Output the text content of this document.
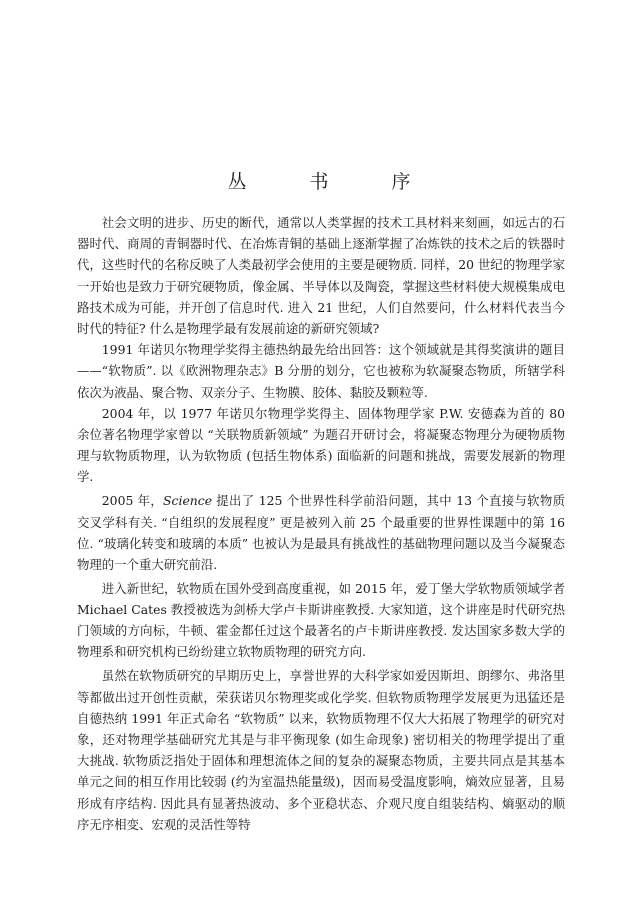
丛　书　序

社会文明的进步、历史的断代，通常以人类掌握的技术工具材料来刻画，如远古的石器时代、商周的青铜器时代、在冶炼青铜的基础上逐渐掌握了冶炼铁的技术之后的铁器时代，这些时代的名称反映了人类最初学会使用的主要是硬物质. 同样，20 世纪的物理学家一开始也是致力于研究硬物质，像金属、半导体以及陶瓷，掌握这些材料使大规模集成电路技术成为可能，并开创了信息时代. 进入 21 世纪，人们自然要问，什么材料代表当今时代的特征? 什么是物理学最有发展前途的新研究领域?

1991 年诺贝尔物理学奖得主德热纳最先给出回答：这个领域就是其得奖演讲的题目 ——“软物质”. 以《欧洲物理杂志》B 分册的划分，它也被称为软凝聚态物质，所辖学科依次为液晶、聚合物、双亲分子、生物膜、胶体、黏胶及颗粒等.

2004 年，以 1977 年诺贝尔物理学奖得主、固体物理学家 P.W. 安德森为首的 80 余位著名物理学家曾以 “关联物质新领域” 为题召开研讨会，将凝聚态物理分为硬物质物理与软物质物理，认为软物质 (包括生物体系) 面临新的问题和挑战，需要发展新的物理学.

2005 年，Science 提出了 125 个世界性科学前沿问题，其中 13 个直接与软物质交叉学科有关. “自组织的发展程度” 更是被列入前 25 个最重要的世界性课题中的第 16 位. “玻璃化转变和玻璃的本质” 也被认为是最具有挑战性的基础物理问题以及当今凝聚态物理的一个重大研究前沿.

进入新世纪，软物质在国外受到高度重视，如 2015 年，爱丁堡大学软物质领域学者 Michael Cates 教授被选为剑桥大学卢卡斯讲座教授. 大家知道，这个讲座是时代研究热门领域的方向标，牛顿、霍金都任过这个最著名的卢卡斯讲座教授. 发达国家多数大学的物理系和研究机构已纷纷建立软物质物理的研究方向.

虽然在软物质研究的早期历史上，享誉世界的大科学家如爱因斯坦、朗缪尔、弗洛里等都做出过开创性贡献，荣获诺贝尔物理奖或化学奖. 但软物质物理学发展更为迅猛还是自德热纳 1991 年正式命名 “软物质” 以来，软物质物理不仅大大拓展了物理学的研究对象，还对物理学基础研究尤其是与非平衡现象 (如生命现象) 密切相关的物理学提出了重大挑战. 软物质泛指处于固体和理想流体之间的复杂的凝聚态物质，主要共同点是其基本单元之间的相互作用比较弱 (约为室温热能量级)，因而易受温度影响，熵效应显著，且易形成有序结构. 因此具有显著热波动、多个亚稳状态、介观尺度自组装结构、熵驱动的顺序无序相变、宏观的灵活性等特
